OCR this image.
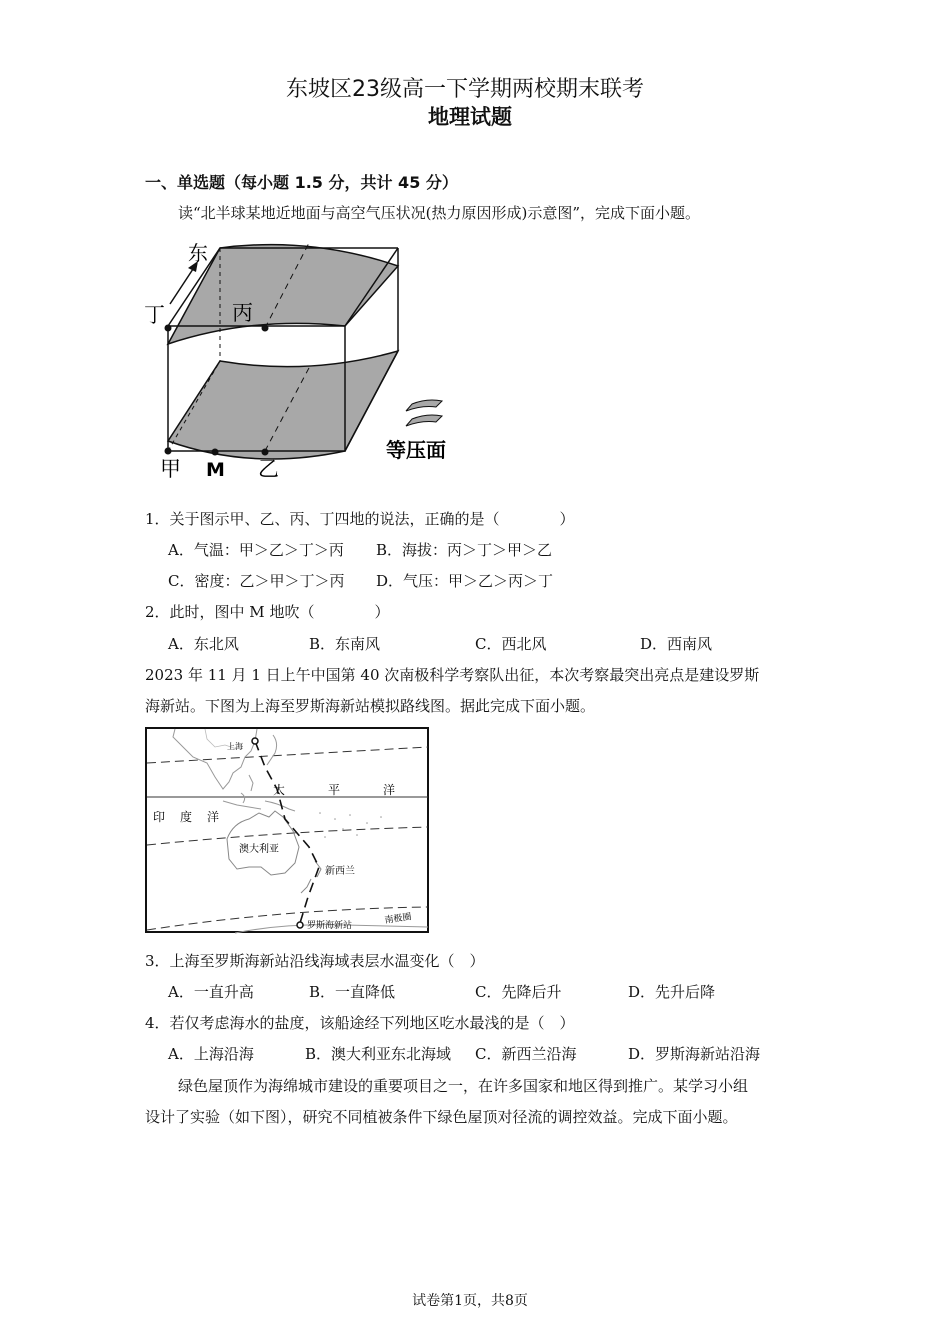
东坡区23级高一下学期两校期末联考
地理试题
一、单选题（每小题 1.5 分，共计 45 分）
读“北半球某地近地面与高空气压状况(热力原因形成)示意图”，完成下面小题。
东
丁	丙
甲 M 乙
等压面
1．关于图示甲、乙、丙、丁四地的说法，正确的是（　　　　）
A．气温：甲＞乙＞丁＞丙 B．海拔：丙＞丁＞甲＞乙
C．密度：乙＞甲＞丁＞丙 D．气压：甲＞乙＞丙＞丁
2．此时，图中 M 地吹（　　　　）
A．东北风	B．东南风	C．西北风	D．西南风
2023 年 11 月 1 日上午中国第 40 次南极科学考察队出征，本次考察最突出亮点是建设罗斯
海新站。下图为上海至罗斯海新站模拟路线图。据此完成下面小题。
上海
太	平	洋
印 度 洋
澳大利亚
新西兰
南极圈
罗斯海新站
3．上海至罗斯海新站沿线海域表层水温变化（　）
A．一直升高	B．一直降低	C．先降后升	D．先升后降
4．若仅考虑海水的盐度，该船途经下列地区吃水最浅的是（　）
A．上海沿海	B．澳大利亚东北海域 C．新西兰沿海	D．罗斯海新站沿海
绿色屋顶作为海绵城市建设的重要项目之一，在许多国家和地区得到推广。某学习小组
设计了实验（如下图），研究不同植被条件下绿色屋顶对径流的调控效益。完成下面小题。
试卷第1页，共8页
